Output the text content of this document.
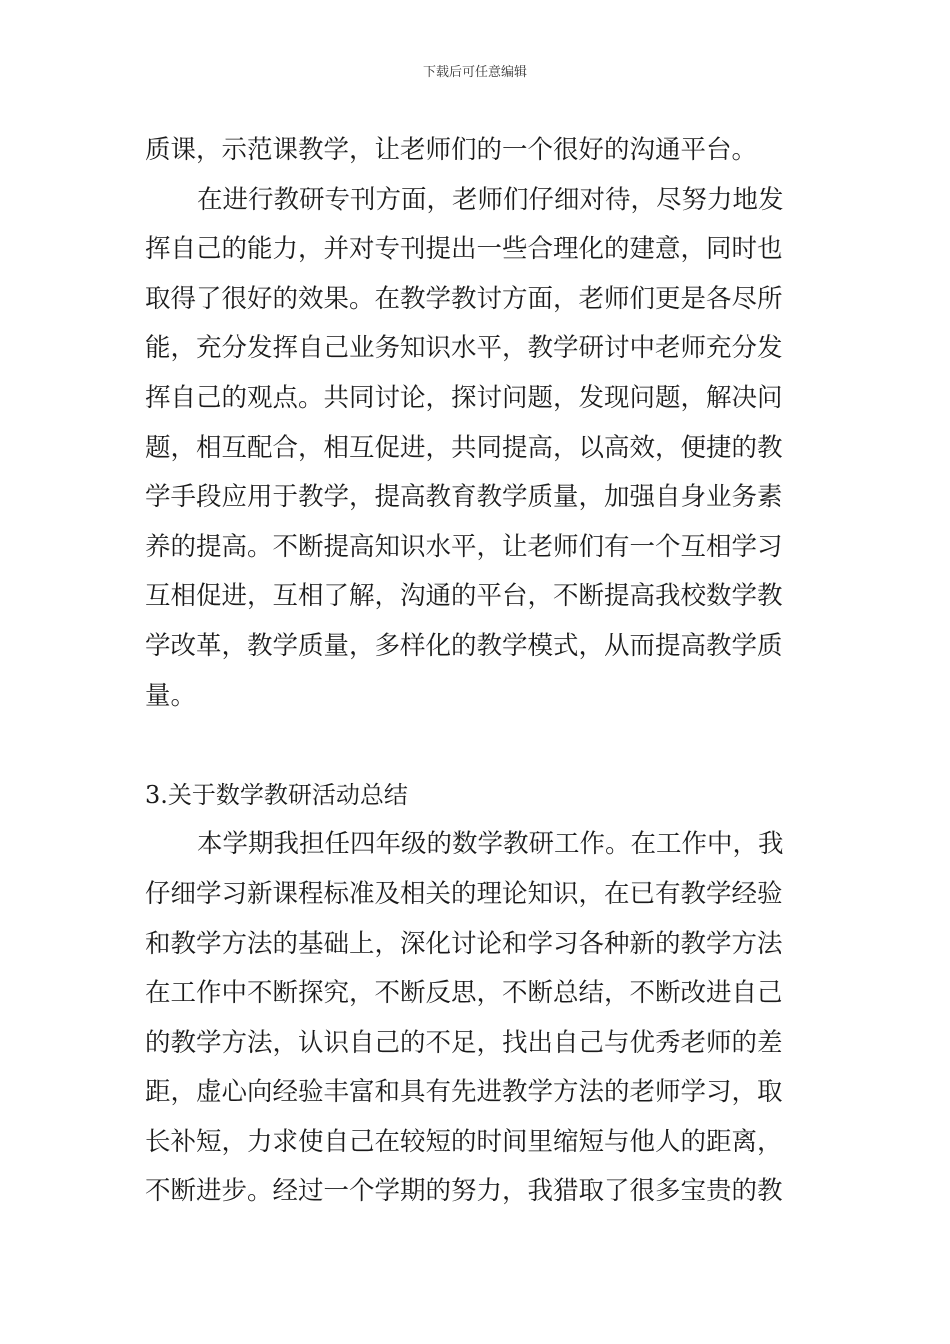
下载后可任意编辑
质课，示范课教学，让老师们的一个很好的沟通平台。
在进行教研专刊方面，老师们仔细对待，尽努力地发
挥自己的能力，并对专刊提出一些合理化的建意，同时也
取得了很好的效果。在教学教讨方面，老师们更是各尽所
能，充分发挥自己业务知识水平，教学研讨中老师充分发
挥自己的观点。共同讨论，探讨问题，发现问题，解决问
题，相互配合，相互促进，共同提高，以高效，便捷的教
学手段应用于教学，提高教育教学质量，加强自身业务素
养的提高。不断提高知识水平，让老师们有一个互相学习
互相促进，互相了解，沟通的平台，不断提高我校数学教
学改革，教学质量，多样化的教学模式，从而提高教学质
量。
3.关于数学教研活动总结
本学期我担任四年级的数学教研工作。在工作中，我
仔细学习新课程标准及相关的理论知识，在已有教学经验
和教学方法的基础上，深化讨论和学习各种新的教学方法
在工作中不断探究，不断反思，不断总结，不断改进自己
的教学方法，认识自己的不足，找出自己与优秀老师的差
距，虚心向经验丰富和具有先进教学方法的老师学习，取
长补短，力求使自己在较短的时间里缩短与他人的距离，
不断进步。经过一个学期的努力，我猎取了很多宝贵的教
